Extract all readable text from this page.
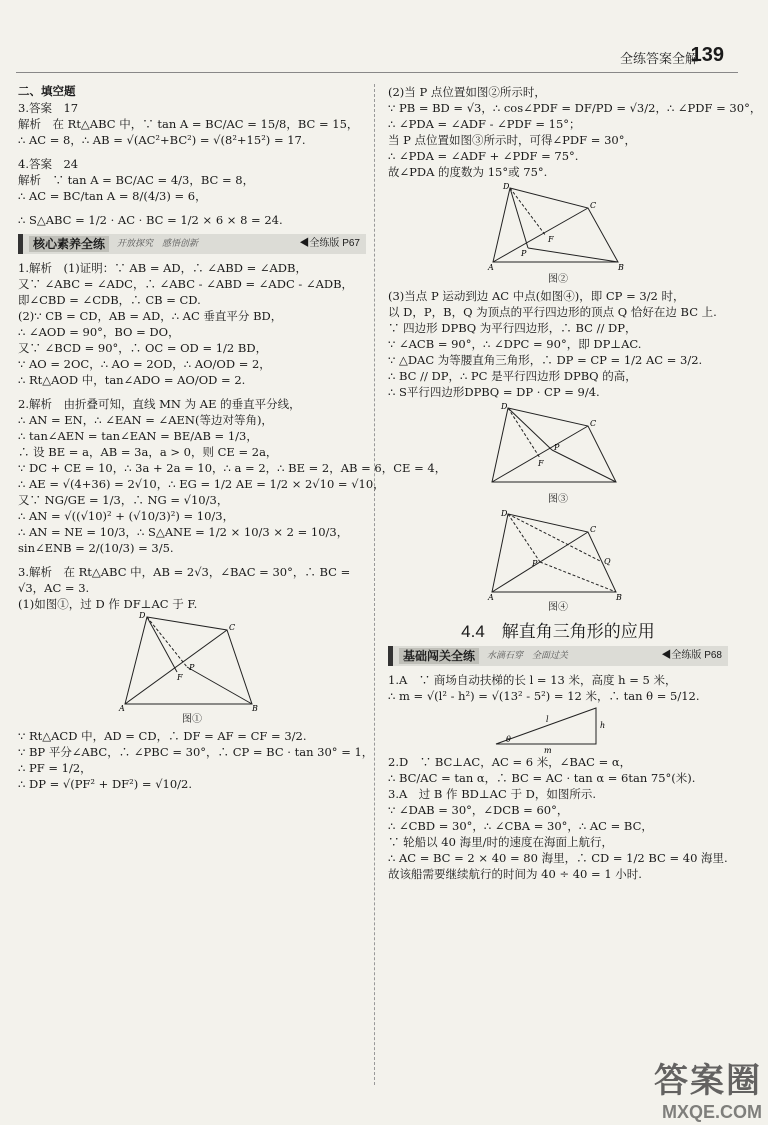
全练答案全解
139
二、填空题
3.答案　17
解析　在 Rt△ABC 中，∵ tan A = BC/AC = 15/8，BC = 15，
∴ AC = 8，∴ AB = √(AC²+BC²) = √(8²+15²) = 17.
4.答案　24
解析　∵ tan A = BC/AC = 4/3，BC = 8，
∴ AC = BC/tan A = 8/(4/3) = 6，
∴ S△ABC = 1/2 · AC · BC = 1/2 × 6 × 8 = 24.
核心素养全练	开放探究　感悟创新	◀全练版 P67
1.解析　(1)证明：∵ AB = AD，∴ ∠ABD = ∠ADB，
又∵ ∠ABC = ∠ADC，∴ ∠ABC - ∠ABD = ∠ADC - ∠ADB，
即∠CBD = ∠CDB，∴ CB = CD.
(2)∵ CB = CD，AB = AD，∴ AC 垂直平分 BD，
∴ ∠AOD = 90°，BO = DO，
又∵ ∠BCD = 90°，∴ OC = OD = 1/2 BD，
∵ AO = 2OC，∴ AO = 2OD，∴ AO/OD = 2，
∴ Rt△AOD 中，tan∠ADO = AO/OD = 2.
2.解析　由折叠可知，直线 MN 为 AE 的垂直平分线，
∴ AN = EN，∴ ∠EAN = ∠AEN(等边对等角)，
∴ tan∠AEN = tan∠EAN = BE/AB = 1/3，
∴ 设 BE = a，AB = 3a，a > 0，则 CE = 2a，
∵ DC + CE = 10，∴ 3a + 2a = 10，∴ a = 2，∴ BE = 2，AB = 6，CE = 4，
∴ AE = √(4+36) = 2√10，∴ EG = 1/2 AE = 1/2 × 2√10 = √10，
又∵ NG/GE = 1/3，∴ NG = √10/3，
∴ AN = √((√10)² + (√10/3)²) = 10/3，
∴ AN = NE = 10/3，∴ S△ANE = 1/2 × 10/3 × 2 = 10/3，sin∠ENB = 2/(10/3) = 3/5.
3.解析　在 Rt△ABC 中，AB = 2√3，∠BAC = 30°，∴ BC = √3，AC = 3.
(1)如图①，过 D 作 DF⊥AC 于 F.
D
C
A	B
F
P
图①
∵ Rt△ACD 中，AD = CD，∴ DF = AF = CF = 3/2.
∵ BP 平分∠ABC，∴ ∠PBC = 30°，∴ CP = BC · tan 30° = 1，
∴ PF = 1/2，
∴ DP = √(PF² + DF²) = √10/2.
(2)当 P 点位置如图②所示时，
∵ PB = BD = √3，∴ cos∠PDF = DF/PD = √3/2，∴ ∠PDF = 30°，
∴ ∠PDA = ∠ADF - ∠PDF = 15°；
当 P 点位置如图③所示时，可得∠PDF = 30°，
∴ ∠PDA = ∠ADF + ∠PDF = 75°.
故∠PDA 的度数为 15°或 75°.
D
C
A	B
P
F
图②
(3)当点 P 运动到边 AC 中点(如图④)，即 CP = 3/2 时，
以 D，P，B，Q 为顶点的平行四边形的顶点 Q 恰好在边 BC 上.
∵ 四边形 DPBQ 为平行四边形，∴ BC // DP，
∵ ∠ACB = 90°，∴ ∠DPC = 90°，即 DP⊥AC.
∵ △DAC 为等腰直角三角形，∴ DP = CP = 1/2 AC = 3/2.
∴ BC // DP，∴ PC 是平行四边形 DPBQ 的高，
∴ S平行四边形DPBQ = DP · CP = 9/4.
D
C
P
F
图③
D
C
P	Q
A	B
图④
4.4　解直角三角形的应用
基础闯关全练	水滴石穿　全面过关	◀全练版 P68
1.A　∵ 商场自动扶梯的长 l = 13 米，高度 h = 5 米，
∴ m = √(l² - h²) = √(13² - 5²) = 12 米，∴ tan θ = 5/12.
l
h
m
θ
2.D　∵ BC⊥AC，AC = 6 米，∠BAC = α，
∴ BC/AC = tan α，∴ BC = AC · tan α = 6tan 75°(米).
3.A　过 B 作 BD⊥AC 于 D，如图所示.
∵ ∠DAB = 30°，∠DCB = 60°，
∴ ∠CBD = 30°，∴ ∠CBA = 30°，∴ AC = BC，
∵ 轮船以 40 海里/时的速度在海面上航行，
∴ AC = BC = 2 × 40 = 80 海里，∴ CD = 1/2 BC = 40 海里.
故该船需要继续航行的时间为 40 ÷ 40 = 1 小时.
答案圈
MXQE.COM
